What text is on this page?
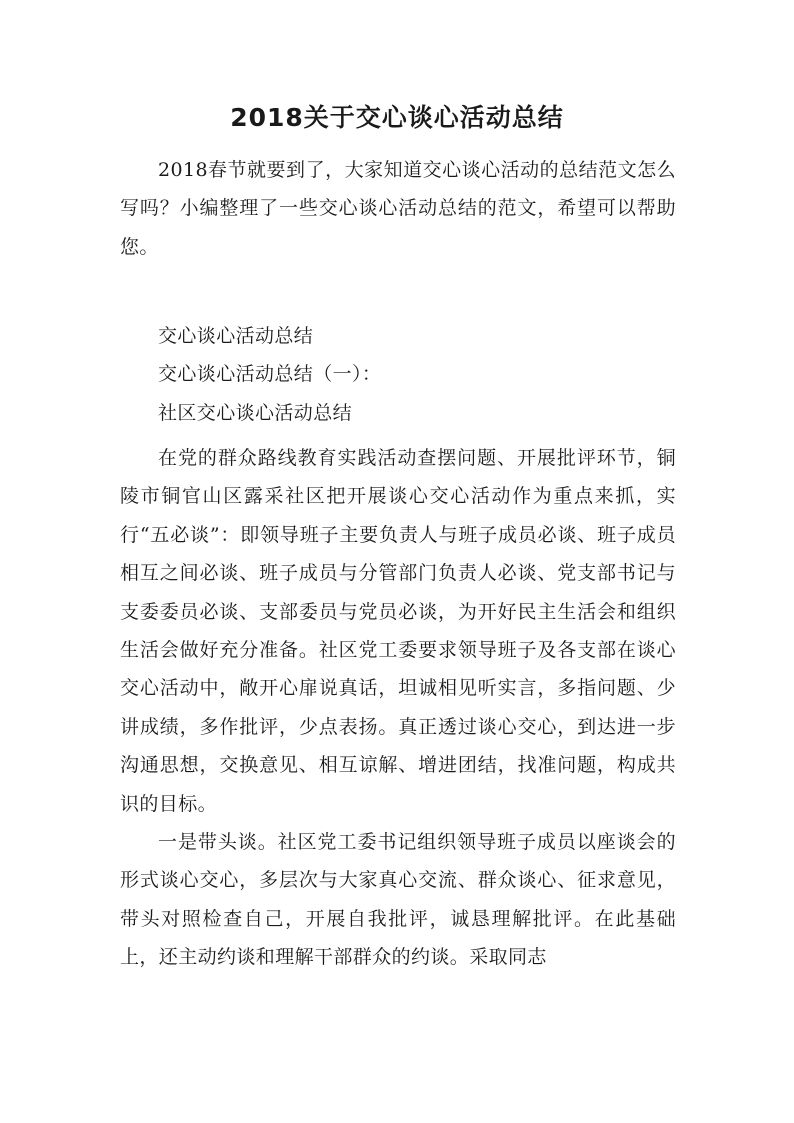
2018关于交心谈心活动总结

2018春节就要到了，大家知道交心谈心活动的总结范文怎么写吗？小编整理了一些交心谈心活动总结的范文，希望可以帮助您。

交心谈心活动总结

交心谈心活动总结（一）：

社区交心谈心活动总结

在党的群众路线教育实践活动查摆问题、开展批评环节，铜陵市铜官山区露采社区把开展谈心交心活动作为重点来抓，实行“五必谈”：即领导班子主要负责人与班子成员必谈、班子成员相互之间必谈、班子成员与分管部门负责人必谈、党支部书记与支委委员必谈、支部委员与党员必谈，为开好民主生活会和组织生活会做好充分准备。社区党工委要求领导班子及各支部在谈心交心活动中，敞开心扉说真话，坦诚相见听实言，多指问题、少讲成绩，多作批评，少点表扬。真正透过谈心交心，到达进一步沟通思想，交换意见、相互谅解、增进团结，找准问题，构成共识的目标。

一是带头谈。社区党工委书记组织领导班子成员以座谈会的形式谈心交心，多层次与大家真心交流、群众谈心、征求意见，带头对照检查自己，开展自我批评，诚恳理解批评。在此基础上，还主动约谈和理解干部群众的约谈。采取同志
